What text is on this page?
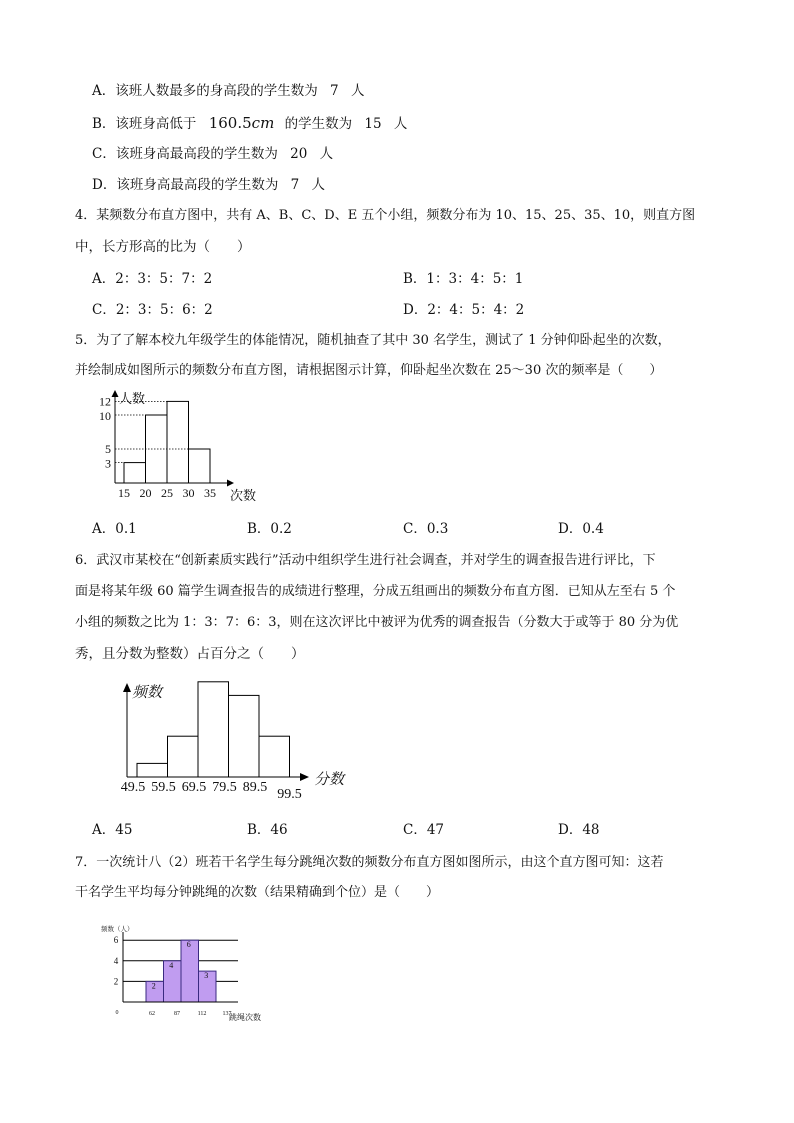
A．该班人数最多的身高段的学生数为 7 人
B．该班身高低于 160.5cm 的学生数为 15 人
C．该班身高最高段的学生数为 20 人
D．该班身高最高段的学生数为 7 人
4．某频数分布直方图中，共有 A、B、C、D、E 五个小组，频数分布为 10、15、25、35、10，则直方图
中，长方形高的比为（　　）
A．2：3：5：7：2	B．1：3：4：5：1
C．2：3：5：6：2	D．2：4：5：4：2
5．为了了解本校九年级学生的体能情况，随机抽查了其中 30 名学生，测试了 1 分钟仰卧起坐的次数，
并绘制成如图所示的频数分布直方图，请根据图示计算，仰卧起坐次数在 25～30 次的频率是（　　）
人数
次数
12
10
5
3
15 20 25 30 35
A．0.1	B．0.2	C．0.3	D．0.4
6．武汉市某校在“创新素质实践行”活动中组织学生进行社会调查，并对学生的调查报告进行评比，下
面是将某年级 60 篇学生调查报告的成绩进行整理，分成五组画出的频数分布直方图．已知从左至右 5 个
小组的频数之比为 1：3：7：6：3，则在这次评比中被评为优秀的调查报告（分数大于或等于 80 分为优
秀，且分数为整数）占百分之（　　）
频数
分数
49.5 59.5 69.5 79.5 89.5 99.5
A．45	B．46	C．47	D．48
7．一次统计八（2）班若干名学生每分跳绳次数的频数分布直方图如图所示，由这个直方图可知：这若
干名学生平均每分钟跳绳的次数（结果精确到个位）是（　　）
频数（人）
跳绳次数
0
2
4
6
62	87	112	137
2
4
6
3
